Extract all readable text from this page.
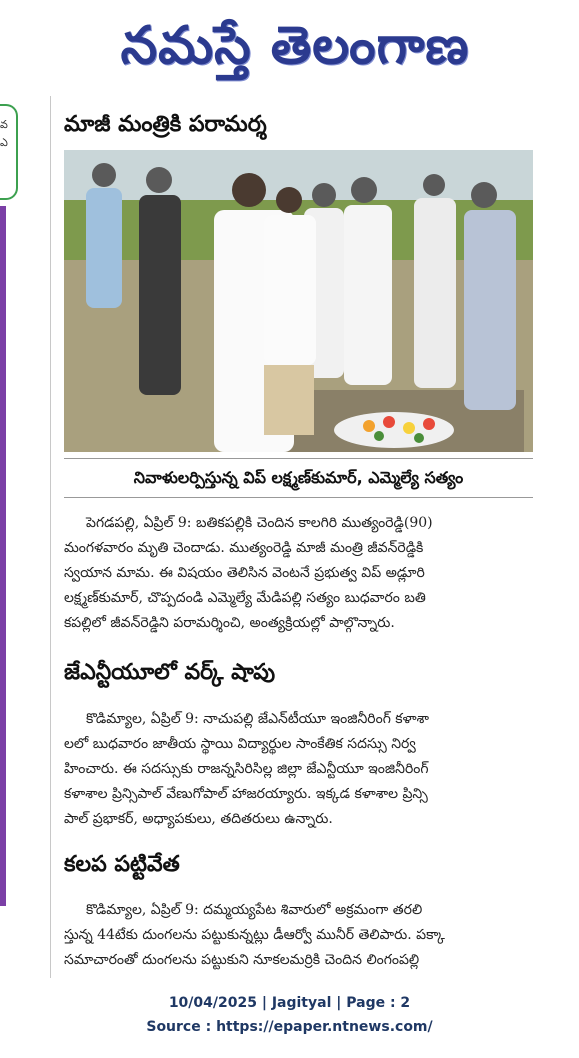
నమస్తే తెలంగాణ
వ
ఎ
మాజీ మంత్రికి పరామర్శ
నివాళులర్పిస్తున్న విప్ లక్ష్మణ్‌కుమార్, ఎమ్మెల్యే సత్యం

పెగడపల్లి, ఏప్రిల్ 9: బతికపల్లికి చెందిన కాలగిరి ముత్యంరెడ్డి(90)

మంగళవారం మృతి చెందాడు. ముత్యంరెడ్డి మాజీ మంత్రి జీవన్‌రెడ్డికి

స్వయాన మామ. ఈ విషయం తెలిసిన వెంటనే ప్రభుత్వ విప్ అడ్లూరి

లక్ష్మణ్‌కుమార్, చొప్పదండి ఎమ్మెల్యే మేడిపల్లి సత్యం బుధవారం బతి

కపల్లిలో జీవన్‌రెడ్డిని పరామర్శించి, అంత్యక్రియల్లో పాల్గొన్నారు.

జేఎన్టీయూలో వర్క్ షాపు

కొడిమ్యాల, ఏప్రిల్ 9: నాచుపల్లి జేఎన్‌టీయూ ఇంజినీరింగ్ కళాశా

లలో బుధవారం జాతీయ స్థాయి విద్యార్థుల సాంకేతిక సదస్సు నిర్వ

హించారు. ఈ సదస్సుకు రాజన్నసిరిసిల్ల జిల్లా జేఎన్టీయూ ఇంజినీరింగ్

కళాశాల ప్రిన్సిపాల్ వేణుగోపాల్ హాజరయ్యారు. ఇక్కడ కళాశాల ప్రిన్సి

పాల్ ప్రభాకర్, అధ్యాపకులు, తదితరులు ఉన్నారు.

కలప పట్టివేత

కొడిమ్యాల, ఏప్రిల్ 9: దమ్మయ్యపేట శివారులో అక్రమంగా తరలి

స్తున్న 44టేకు దుంగలను పట్టుకున్నట్లు డీఆర్వో మునీర్ తెలిపారు. పక్కా

సమాచారంతో దుంగలను పట్టుకుని నూకలమర్రికి చెందిన లింగంపల్లి

10/04/2025 | Jagityal | Page : 2
Source : https://epaper.ntnews.com/
